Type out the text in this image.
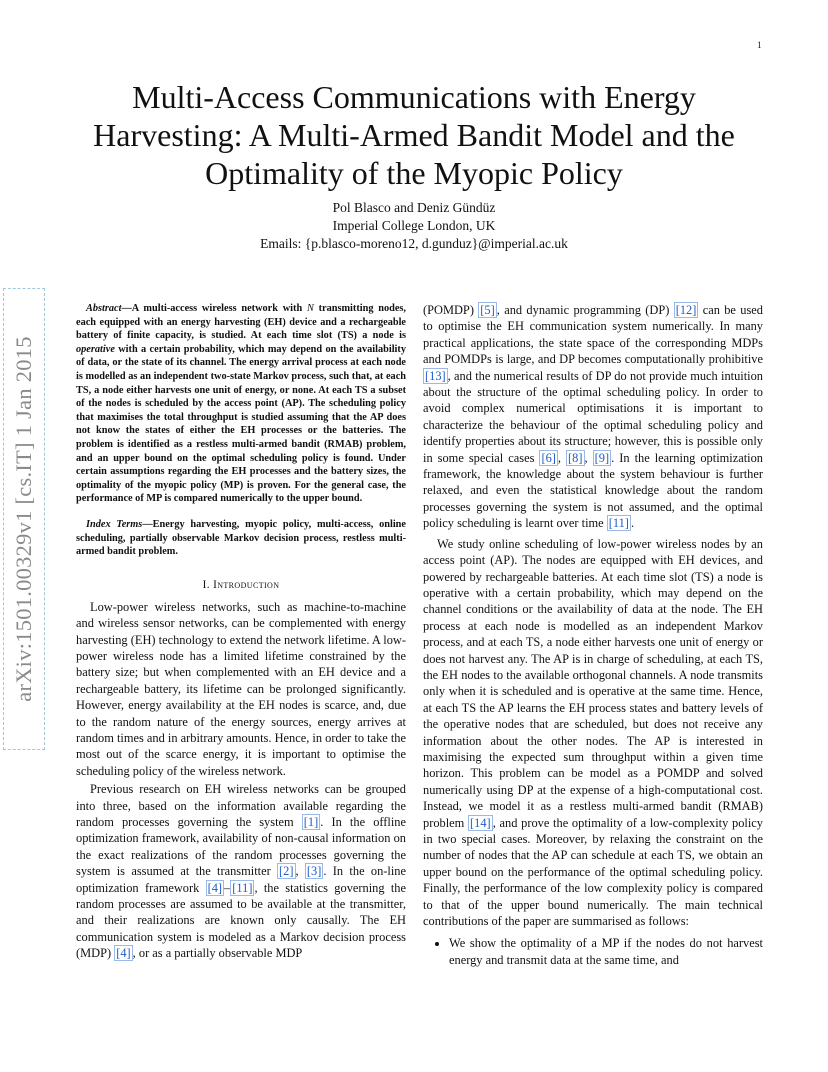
1
arXiv:1501.00329v1 [cs.IT] 1 Jan 2015
Multi-Access Communications with Energy Harvesting: A Multi-Armed Bandit Model and the Optimality of the Myopic Policy
Pol Blasco and Deniz Gündüz
Imperial College London, UK
Emails: {p.blasco-moreno12, d.gunduz}@imperial.ac.uk

Abstract—A multi-access wireless network with N transmitting nodes, each equipped with an energy harvesting (EH) device and a rechargeable battery of finite capacity, is studied. At each time slot (TS) a node is operative with a certain probability, which may depend on the availability of data, or the state of its channel. The energy arrival process at each node is modelled as an independent two-state Markov process, such that, at each TS, a node either harvests one unit of energy, or none. At each TS a subset of the nodes is scheduled by the access point (AP). The scheduling policy that maximises the total throughput is studied assuming that the AP does not know the states of either the EH processes or the batteries. The problem is identified as a restless multi-armed bandit (RMAB) problem, and an upper bound on the optimal scheduling policy is found. Under certain assumptions regarding the EH processes and the battery sizes, the optimality of the myopic policy (MP) is proven. For the general case, the performance of MP is compared numerically to the upper bound.

Index Terms—Energy harvesting, myopic policy, multi-access, online scheduling, partially observable Markov decision process, restless multi-armed bandit problem.

I. Introduction

Low-power wireless networks, such as machine-to-machine and wireless sensor networks, can be complemented with energy harvesting (EH) technology to extend the network lifetime. A low-power wireless node has a limited lifetime constrained by the battery size; but when complemented with an EH device and a rechargeable battery, its lifetime can be prolonged significantly. However, energy availability at the EH nodes is scarce, and, due to the random nature of the energy sources, energy arrives at random times and in arbitrary amounts. Hence, in order to take the most out of the scarce energy, it is important to optimise the scheduling policy of the wireless network.

Previous research on EH wireless networks can be grouped into three, based on the information available regarding the random processes governing the system [1] . In the offline optimization framework, availability of non-causal information on the exact realizations of the random processes governing the system is assumed at the transmitter [2] , [3] . In the on-line optimization framework [4] – [11] , the statistics governing the random processes are assumed to be available at the transmitter, and their realizations are known only causally. The EH communication system is modeled as a Markov decision process (MDP) [4] , or as a partially observable MDP

(POMDP) [5] , and dynamic programming (DP) [12] can be used to optimise the EH communication system numerically. In many practical applications, the state space of the corresponding MDPs and POMDPs is large, and DP becomes computationally prohibitive [13] , and the numerical results of DP do not provide much intuition about the structure of the optimal scheduling policy. In order to avoid complex numerical optimisations it is important to characterize the behaviour of the optimal scheduling policy and identify properties about its structure; however, this is possible only in some special cases [6] , [8] , [9] . In the learning optimization framework, the knowledge about the system behaviour is further relaxed, and even the statistical knowledge about the random processes governing the system is not assumed, and the optimal policy scheduling is learnt over time [11] .

We study online scheduling of low-power wireless nodes by an access point (AP). The nodes are equipped with EH devices, and powered by rechargeable batteries. At each time slot (TS) a node is operative with a certain probability, which may depend on the channel conditions or the availability of data at the node. The EH process at each node is modelled as an independent Markov process, and at each TS, a node either harvests one unit of energy or does not harvest any. The AP is in charge of scheduling, at each TS, the EH nodes to the available orthogonal channels. A node transmits only when it is scheduled and is operative at the same time. Hence, at each TS the AP learns the EH process states and battery levels of the operative nodes that are scheduled, but does not receive any information about the other nodes. The AP is interested in maximising the expected sum throughput within a given time horizon. This problem can be model as a POMDP and solved numerically using DP at the expense of a high-computational cost. Instead, we model it as a restless multi-armed bandit (RMAB) problem [14] , and prove the optimality of a low-complexity policy in two special cases. Moreover, by relaxing the constraint on the number of nodes that the AP can schedule at each TS, we obtain an upper bound on the performance of the optimal scheduling policy. Finally, the performance of the low complexity policy is compared to that of the upper bound numerically. The main technical contributions of the paper are summarised as follows:

• We show the optimality of a MP if the nodes do not harvest energy and transmit data at the same time, and
